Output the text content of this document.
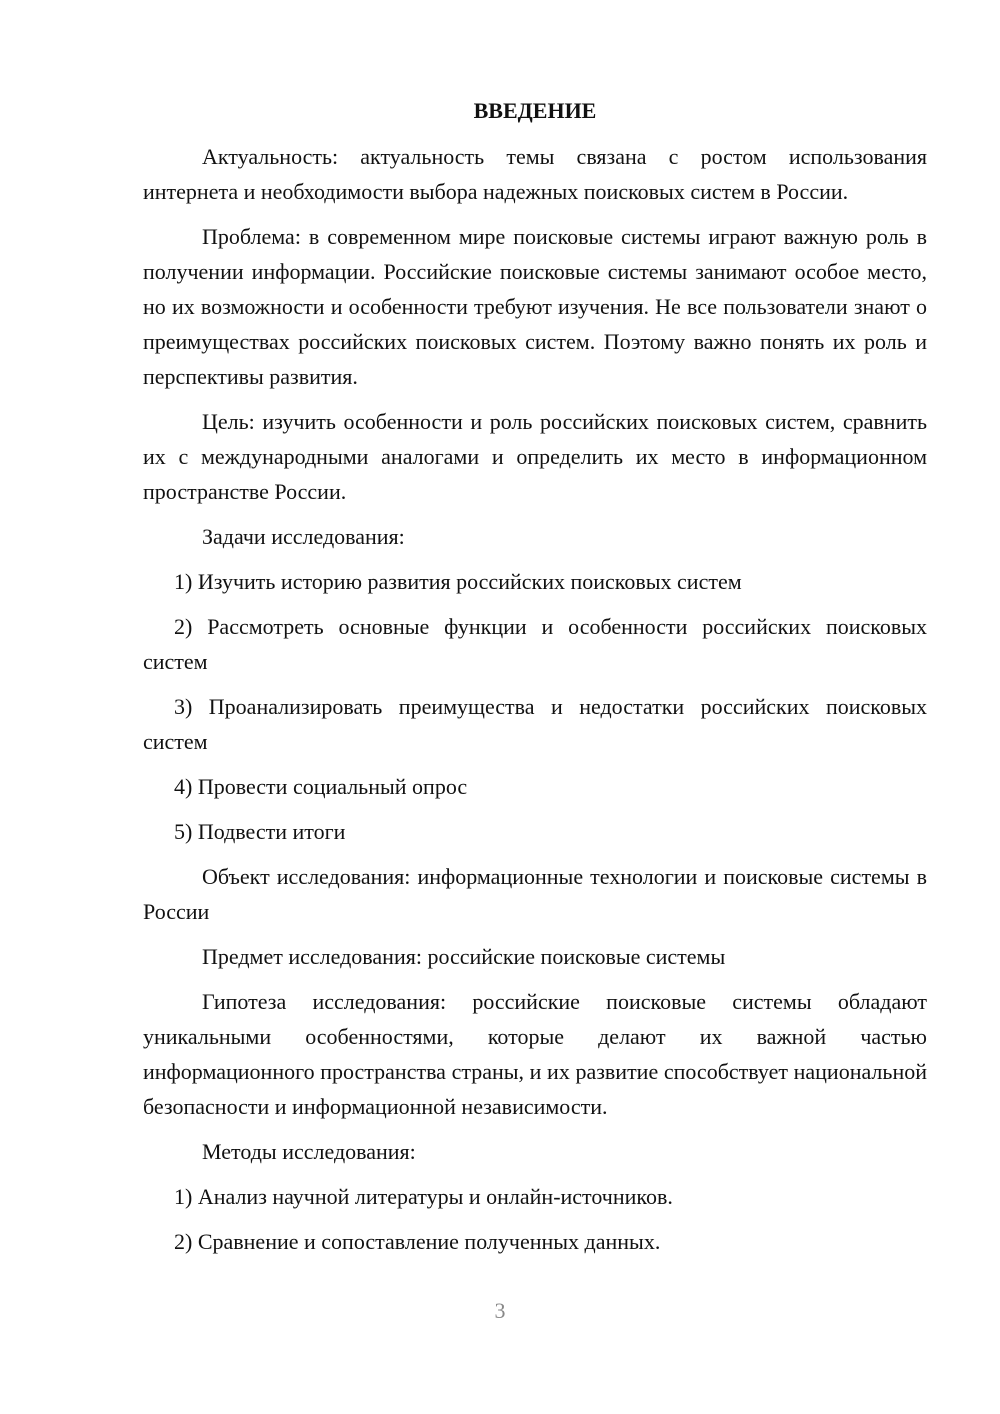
ВВЕДЕНИЕ

Актуальность: актуальность темы связана с ростом использования интернета и необходимости выбора надежных поисковых систем в России.

Проблема: в современном мире поисковые системы играют важную роль в получении информации. Российские поисковые системы занимают особое место, но их возможности и особенности требуют изучения. Не все пользователи знают о преимуществах российских поисковых систем. Поэтому важно понять их роль и перспективы развития.

Цель: изучить особенности и роль российских поисковых систем, сравнить их с международными аналогами и определить их место в информационном пространстве России.

Задачи исследования:

1) Изучить историю развития российских поисковых систем

2) Рассмотреть основные функции и особенности российских поисковых систем

3) Проанализировать преимущества и недостатки российских поисковых систем

4) Провести социальный опрос

5) Подвести итоги

Объект исследования: информационные технологии и поисковые системы в России

Предмет исследования: российские поисковые системы

Гипотеза исследования: российские поисковые системы обладают уникальными особенностями, которые делают их важной частью информационного пространства страны, и их развитие способствует национальной безопасности и информационной независимости.

Методы исследования:

1) Анализ научной литературы и онлайн-источников.

2) Сравнение и сопоставление полученных данных.

3
